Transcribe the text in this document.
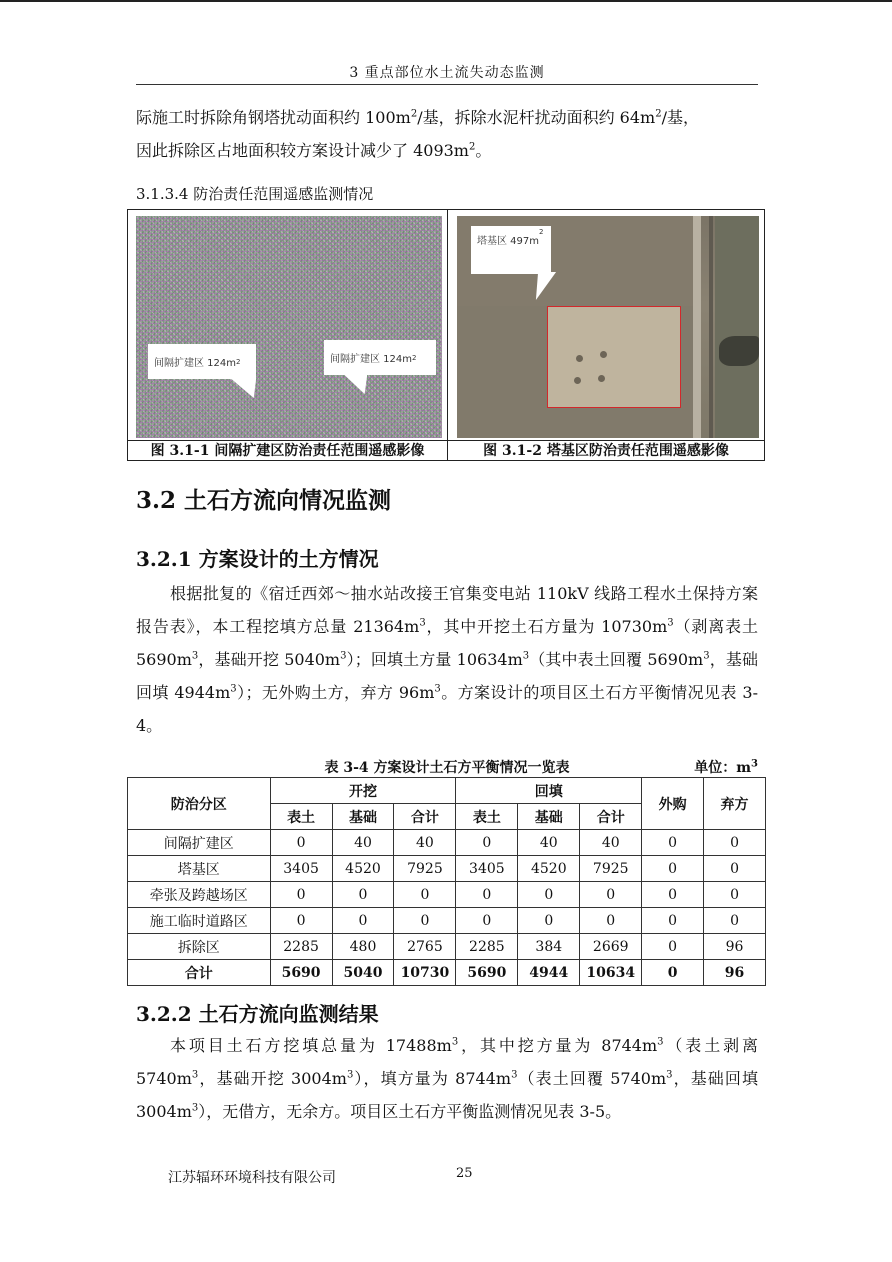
3 重点部位水土流失动态监测

际施工时拆除角钢塔扰动面积约 $100m^2/$基，拆除水泥杆扰动面积约 $64m^2/$基，
因此拆除区占地面积较方案设计减少了 $4093m^2$。

3.1.3.4 防治责任范围遥感监测情况
间隔扩建区 124m 2	间隔扩建区 124m 2
塔基区 497m
2
图 3.1-1 间隔扩建区防治责任范围遥感影像	图 3.1-2 塔基区防治责任范围遥感影像
3.2 土石方流向情况监测
3.2.1 方案设计的土方情况

根据批复的《宿迁西郊～抽水站改接王官集变电站 110kV 线路工程水土保持方案报告表》，本工程挖填方总量 $21364m^3$，其中开挖土石方量为 $10730m^3$（剥离表土 $5690m^3$，基础开挖 $5040m^3$）；回填土方量 $10634m^3$（其中表土回覆 $5690m^3$，基础回填 $4944m^3$）；无外购土方，弃方 $96m^3$。方案设计的项目区土石方平衡情况见表 3-4。

表 3-4 方案设计土石方平衡情况一览表	单位：$m^3$
防治分区	开挖			回填			外购	弃方
	表土	基础	合计	表土	基础	合计		
间隔扩建区	0	40	40	0	40	40	0	0
塔基区	3405	4520	7925	3405	4520	7925	0	0
牵张及跨越场区	0	0	0	0	0	0	0	0
施工临时道路区	0	0	0	0	0	0	0	0
拆除区	2285	480	2765	2285	384	2669	0	96
合计	5690	5040	10730	5690	4944	10634	0	96
3.2.2 土石方流向监测结果

本项目土石方挖填总量为 $17488m^3$，其中挖方量为 $8744m^3$（表土剥离 $5740m^3$，基础开挖 $3004m^3$），填方量为 $8744m^3$（表土回覆 $5740m^3$，基础回填 $3004m^3$），无借方，无余方。项目区土石方平衡监测情况见表 3-5。

江苏辐环环境科技有限公司	25
